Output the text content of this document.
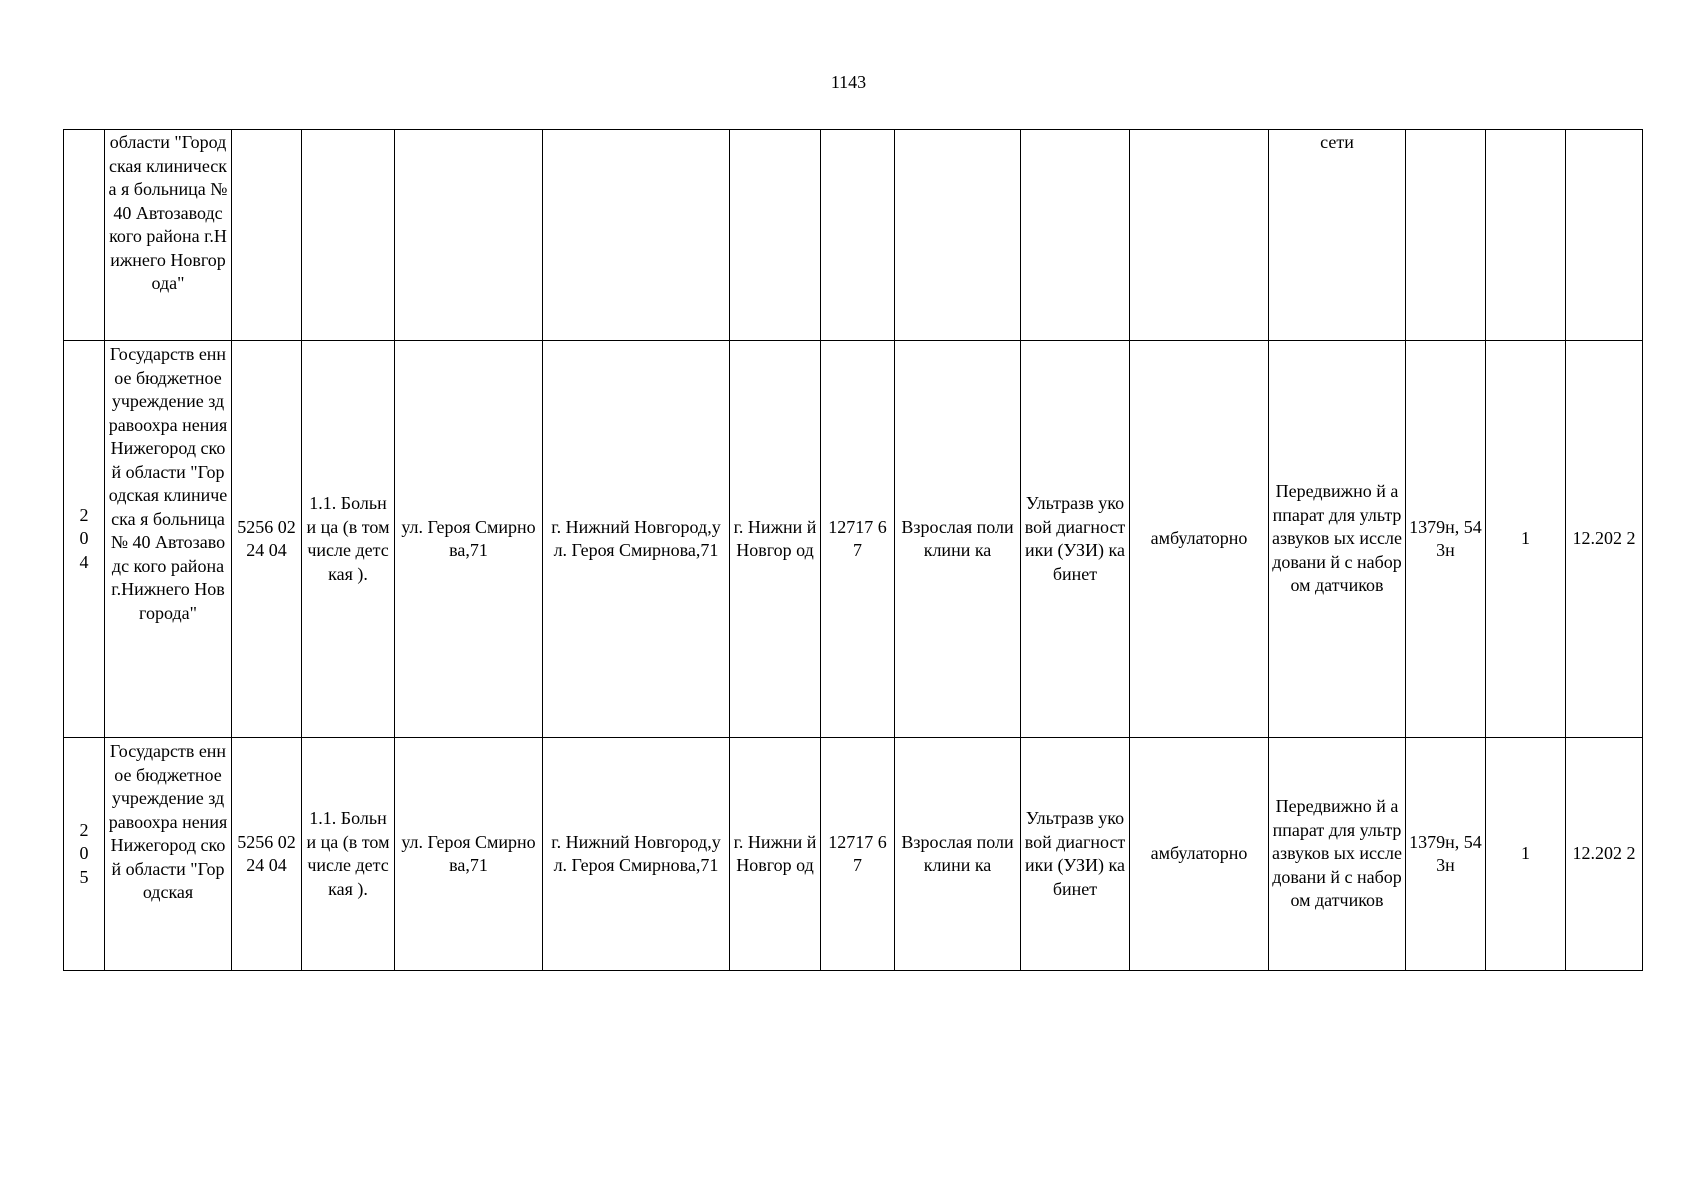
1143
	области "Городская клиническа я больница № 40 Автозаводс кого района г.Нижнего Новгорода"										сети			

2
0
4	Государств енное бюджетное учреждение здравоохра нения Нижегород ской области "Городская клиническа я больница № 40 Автозаводс кого района г.Нижнего Новгорода"	5256 0224 04	1.1. Больни ца (в том числе детская ).	ул. Героя Смирнова,71	г. Нижний Новгород,ул. Героя Смирнова,71	г. Нижни й Новгор од	12717 67	Взрослая поликлини ка	Ультразв уковой диагност ики (УЗИ) кабинет	амбулаторно	Передвижно й аппарат для ультразвуков ых исследовани й с набором датчиков	1379н, 543н	1	12.202 2

2
0
5	Государств енное бюджетное учреждение здравоохра нения Нижегород ской области "Городская	5256 0224 04	1.1. Больни ца (в том числе детская ).	ул. Героя Смирнова,71	г. Нижний Новгород,ул. Героя Смирнова,71	г. Нижни й Новгор од	12717 67	Взрослая поликлини ка	Ультразв уковой диагност ики (УЗИ) кабинет	амбулаторно	Передвижно й аппарат для ультразвуков ых исследовани й с набором датчиков	1379н, 543н	1	12.202 2
